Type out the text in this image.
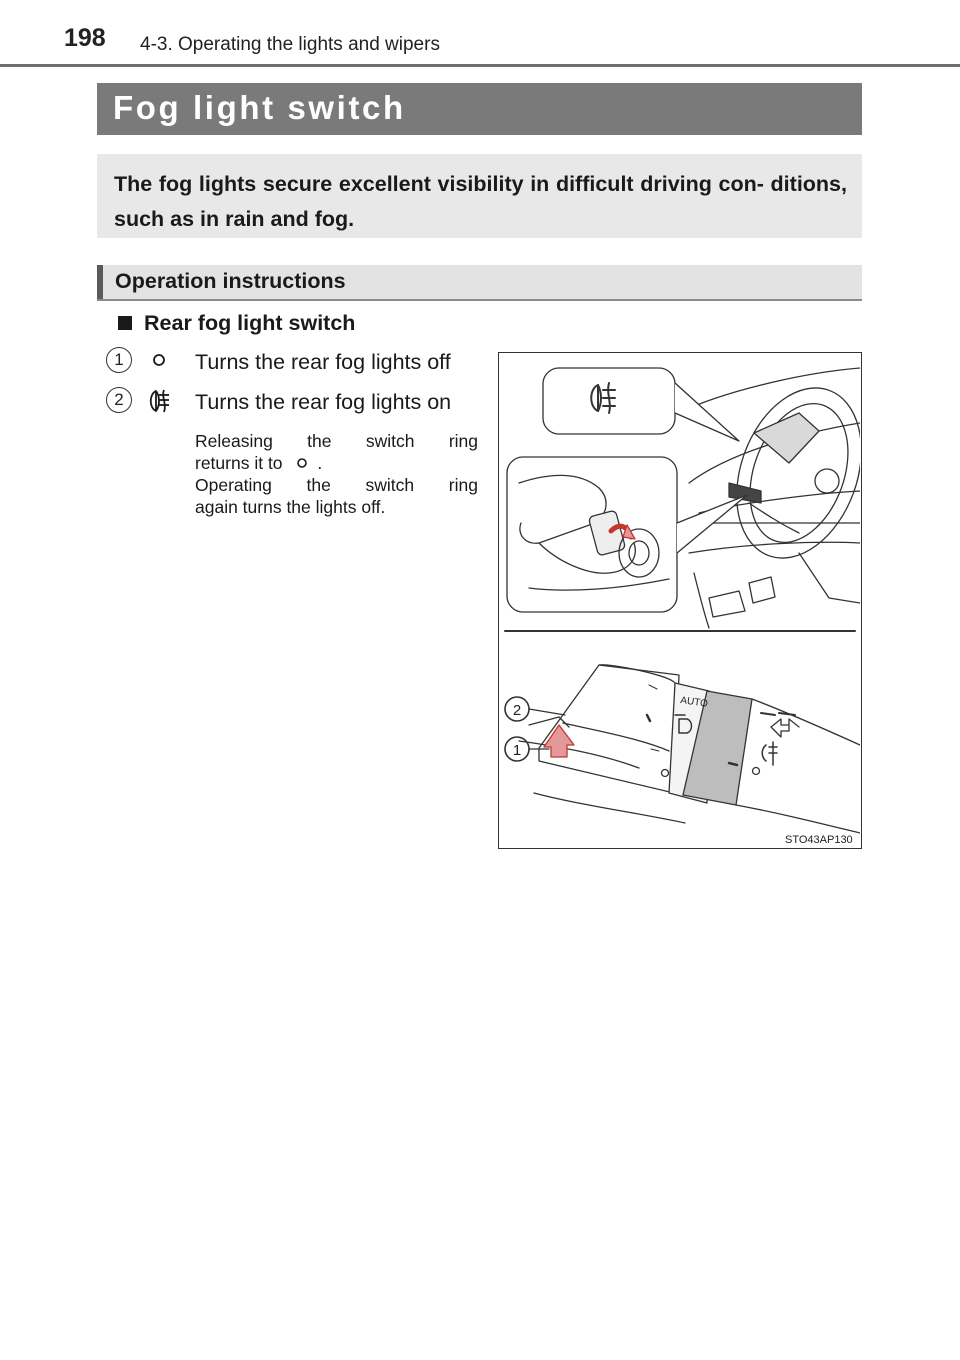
198 4-3. Operating the lights and wipers
Fog light switch
The fog lights secure excellent visibility in difficult driving con- ditions, such as in rain and fog.
Operation instructions
Rear fog light switch
1	Turns the rear fog lights off
2	Turns the rear fog lights on
Releasing the switch ring
returns it to .
Operating the switch ring
again turns the lights off.
2
1
AUTO
STO43AP130
